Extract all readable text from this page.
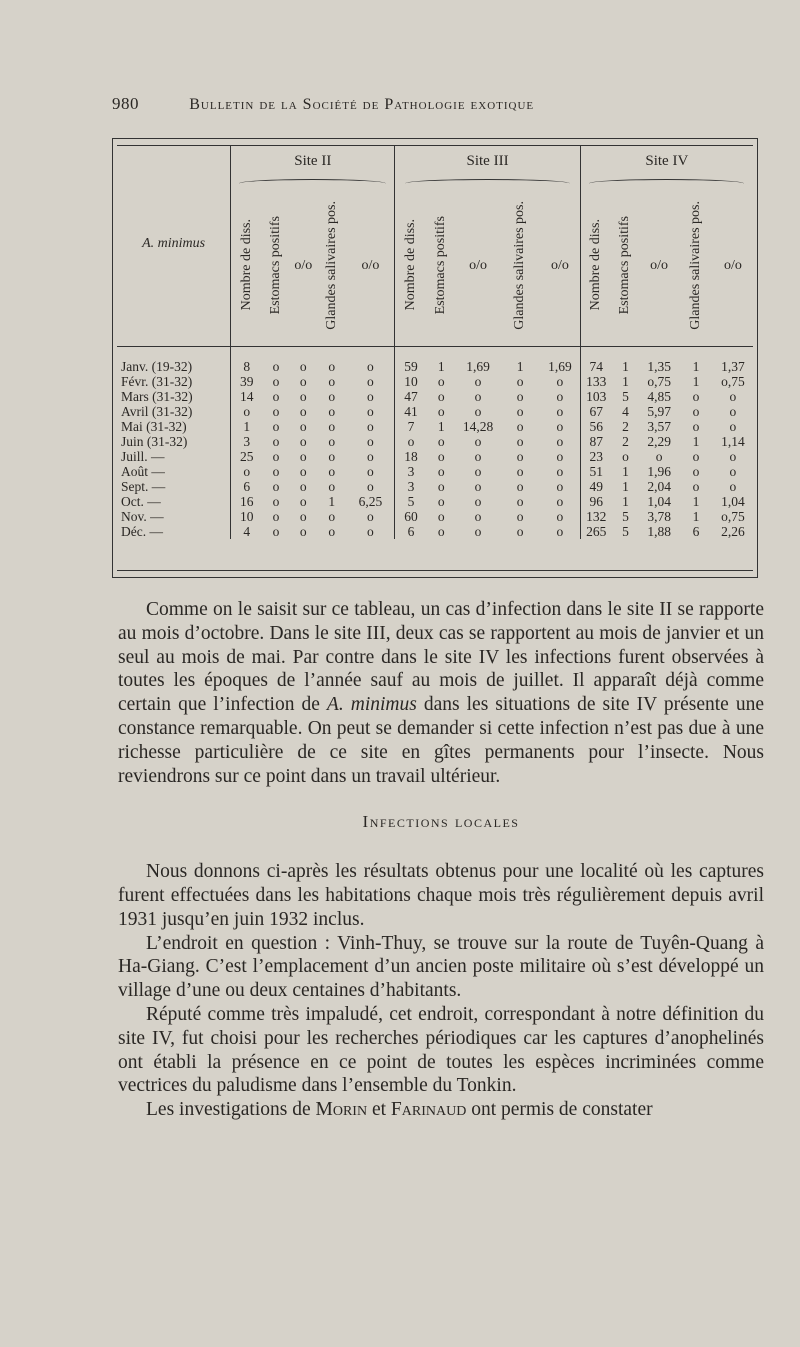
980	Bulletin de la Société de Pathologie exotique
A. minimus	Site II					Site III					Site IV				

	Nombre de diss.	Estomacs positifs	o/o	Glandes salivaires pos.	o/o	Nombre de diss.	Estomacs positifs	o/o	Glandes salivaires pos.	o/o	Nombre de diss.	Estomacs positifs	o/o	Glandes salivaires pos.	o/o

Janv. (19-32)	8	o	o	o	o	59	1	1,69	1	1,69	74	1	1,35	1	1,37
Févr. (31-32)	39	o	o	o	o	10	o	o	o	o	133	1	o,75	1	o,75
Mars (31-32)	14	o	o	o	o	47	o	o	o	o	103	5	4,85	o	o
Avril (31-32)	o	o	o	o	o	41	o	o	o	o	67	4	5,97	o	o
Mai (31-32)	1	o	o	o	o	7	1	14,28	o	o	56	2	3,57	o	o
Juin (31-32)	3	o	o	o	o	o	o	o	o	o	87	2	2,29	1	1,14
Juill. —	25	o	o	o	o	18	o	o	o	o	23	o	o	o	o
Août —	o	o	o	o	o	3	o	o	o	o	51	1	1,96	o	o
Sept. —	6	o	o	o	o	3	o	o	o	o	49	1	2,04	o	o
Oct. —	16	o	o	1	6,25	5	o	o	o	o	96	1	1,04	1	1,04
Nov. —	10	o	o	o	o	60	o	o	o	o	132	5	3,78	1	o,75
Déc. —	4	o	o	o	o	6	o	o	o	o	265	5	1,88	6	2,26

Comme on le saisit sur ce tableau, un cas d’infection dans le site II se rapporte au mois d’octobre. Dans le site III, deux cas se rapportent au mois de janvier et un seul au mois de mai. Par contre dans le site IV les infections furent observées à toutes les époques de l’année sauf au mois de juillet. Il apparaît déjà comme certain que l’infection de A. minimus dans les situations de site IV présente une constance remarquable. On peut se demander si cette infection n’est pas due à une richesse particulière de ce site en gîtes permanents pour l’insecte. Nous reviendrons sur ce point dans un travail ultérieur.

Infections locales

Nous donnons ci-après les résultats obtenus pour une localité où les captures furent effectuées dans les habitations chaque mois très régulièrement depuis avril 1931 jusqu’en juin 1932 inclus.

L’endroit en question : Vinh-Thuy, se trouve sur la route de Tuyên-Quang à Ha-Giang. C’est l’emplacement d’un ancien poste militaire où s’est développé un village d’une ou deux centaines d’habitants.

Réputé comme très impaludé, cet endroit, correspondant à notre définition du site IV, fut choisi pour les recherches périodiques car les captures d’anophelinés ont établi la présence en ce point de toutes les espèces incriminées comme vectrices du paludisme dans l’ensemble du Tonkin.

Les investigations de Morin et Farinaud ont permis de constater
